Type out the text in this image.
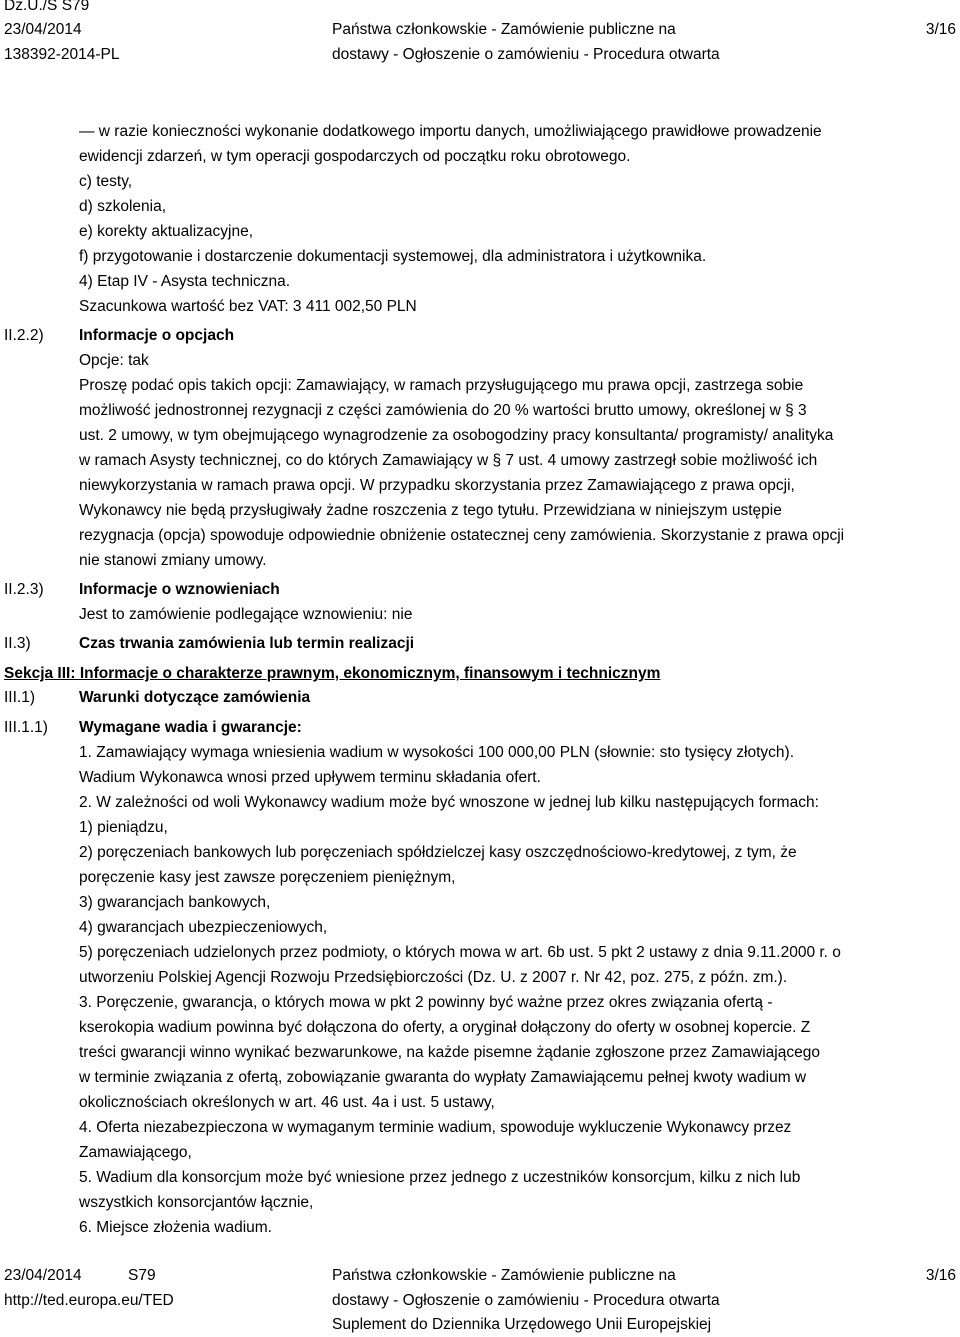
Dz.U./S S79
23/04/2014
138392-2014-PL
Państwa członkowskie - Zamówienie publiczne na
dostawy - Ogłoszenie o zamówieniu - Procedura otwarta
3/16
— w razie konieczności wykonanie dodatkowego importu danych, umożliwiającego prawidłowe prowadzenie
ewidencji zdarzeń, w tym operacji gospodarczych od początku roku obrotowego.
c) testy,
d) szkolenia,
e) korekty aktualizacyjne,
f) przygotowanie i dostarczenie dokumentacji systemowej, dla administratora i użytkownika.
4) Etap IV - Asysta techniczna.
Szacunkowa wartość bez VAT: 3 411 002,50 PLN
II.2.2) Informacje o opcjach
Opcje: tak
Proszę podać opis takich opcji: Zamawiający, w ramach przysługującego mu prawa opcji, zastrzega sobie
możliwość jednostronnej rezygnacji z części zamówienia do 20 % wartości brutto umowy, określonej w § 3
ust. 2 umowy, w tym obejmującego wynagrodzenie za osobogodziny pracy konsultanta/ programisty/ analityka
w ramach Asysty technicznej, co do których Zamawiający w § 7 ust. 4 umowy zastrzegł sobie możliwość ich
niewykorzystania w ramach prawa opcji. W przypadku skorzystania przez Zamawiającego z prawa opcji,
Wykonawcy nie będą przysługiwały żadne roszczenia z tego tytułu. Przewidziana w niniejszym ustępie
rezygnacja (opcja) spowoduje odpowiednie obniżenie ostatecznej ceny zamówienia. Skorzystanie z prawa opcji
nie stanowi zmiany umowy.
II.2.3) Informacje o wznowieniach
Jest to zamówienie podlegające wznowieniu: nie
II.3)	Czas trwania zamówienia lub termin realizacji
Sekcja III: Informacje o charakterze prawnym, ekonomicznym, finansowym i technicznym
III.1)	Warunki dotyczące zamówienia
III.1.1) Wymagane wadia i gwarancje:
1. Zamawiający wymaga wniesienia wadium w wysokości 100 000,00 PLN (słownie: sto tysięcy złotych).
Wadium Wykonawca wnosi przed upływem terminu składania ofert.
2. W zależności od woli Wykonawcy wadium może być wnoszone w jednej lub kilku następujących formach:
1) pieniądzu,
2) poręczeniach bankowych lub poręczeniach spółdzielczej kasy oszczędnościowo-kredytowej, z tym, że
poręczenie kasy jest zawsze poręczeniem pieniężnym,
3) gwarancjach bankowych,
4) gwarancjach ubezpieczeniowych,
5) poręczeniach udzielonych przez podmioty, o których mowa w art. 6b ust. 5 pkt 2 ustawy z dnia 9.11.2000 r. o
utworzeniu Polskiej Agencji Rozwoju Przedsiębiorczości (Dz. U. z 2007 r. Nr 42, poz. 275, z późn. zm.).
3. Poręczenie, gwarancja, o których mowa w pkt 2 powinny być ważne przez okres związania ofertą -
kserokopia wadium powinna być dołączona do oferty, a oryginał dołączony do oferty w osobnej kopercie. Z
treści gwarancji winno wynikać bezwarunkowe, na każde pisemne żądanie zgłoszone przez Zamawiającego
w terminie związania z ofertą, zobowiązanie gwaranta do wypłaty Zamawiającemu pełnej kwoty wadium w
okolicznościach określonych w art. 46 ust. 4a i ust. 5 ustawy,
4. Oferta niezabezpieczona w wymaganym terminie wadium, spowoduje wykluczenie Wykonawcy przez
Zamawiającego,
5. Wadium dla konsorcjum może być wniesione przez jednego z uczestników konsorcjum, kilku z nich lub
wszystkich konsorcjantów łącznie,
6. Miejsce złożenia wadium.
23/04/2014	S79
http://ted.europa.eu/TED
Państwa członkowskie - Zamówienie publiczne na
dostawy - Ogłoszenie o zamówieniu - Procedura otwarta
Suplement do Dziennika Urzędowego Unii Europejskiej
3/16
